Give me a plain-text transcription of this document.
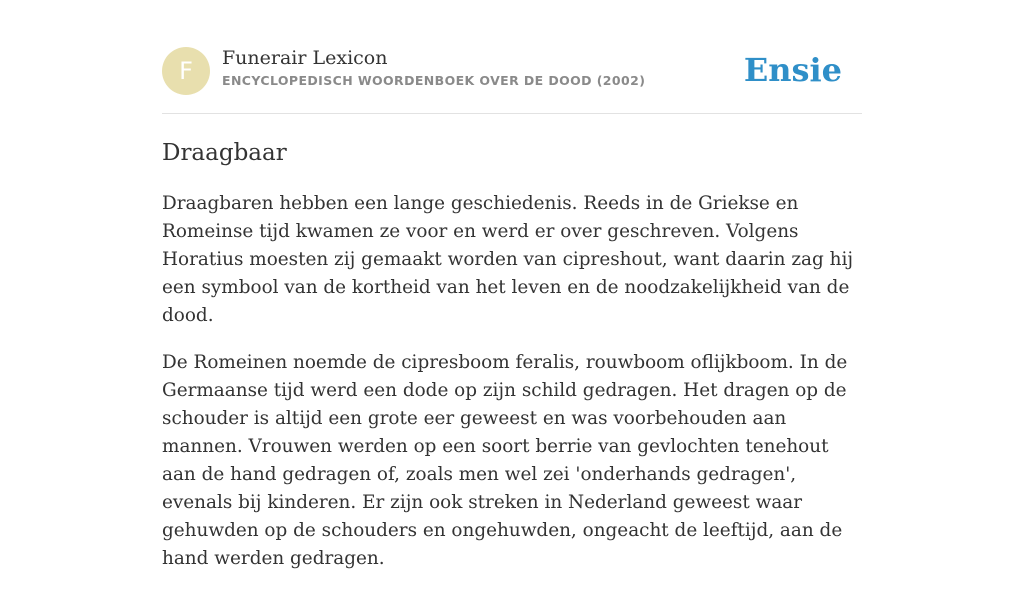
F	Funerair Lexicon
ENCYCLOPEDISCH WOORDENBOEK OVER DE DOOD (2002)	Ensie
Draagbaar

Draagbaren hebben een lange geschiedenis. Reeds in de Griekse en Romeinse tijd kwamen ze voor en werd er over geschreven. Volgens Horatius moesten zij gemaakt worden van cipreshout, want daarin zag hij een symbool van de kortheid van het leven en de noodzakelijkheid van de dood.

De Romeinen noemde de cipresboom feralis, rouwboom oflijkboom. In de Germaanse tijd werd een dode op zijn schild gedragen. Het dragen op de schouder is altijd een grote eer geweest en was voorbehouden aan mannen. Vrouwen werden op een soort berrie van gevlochten tenehout aan de hand gedragen of, zoals men wel zei 'onderhands gedragen', evenals bij kinderen. Er zijn ook streken in Nederland geweest waar gehuwden op de schouders en ongehuwden, ongeacht de leeftijd, aan de hand werden gedragen.
